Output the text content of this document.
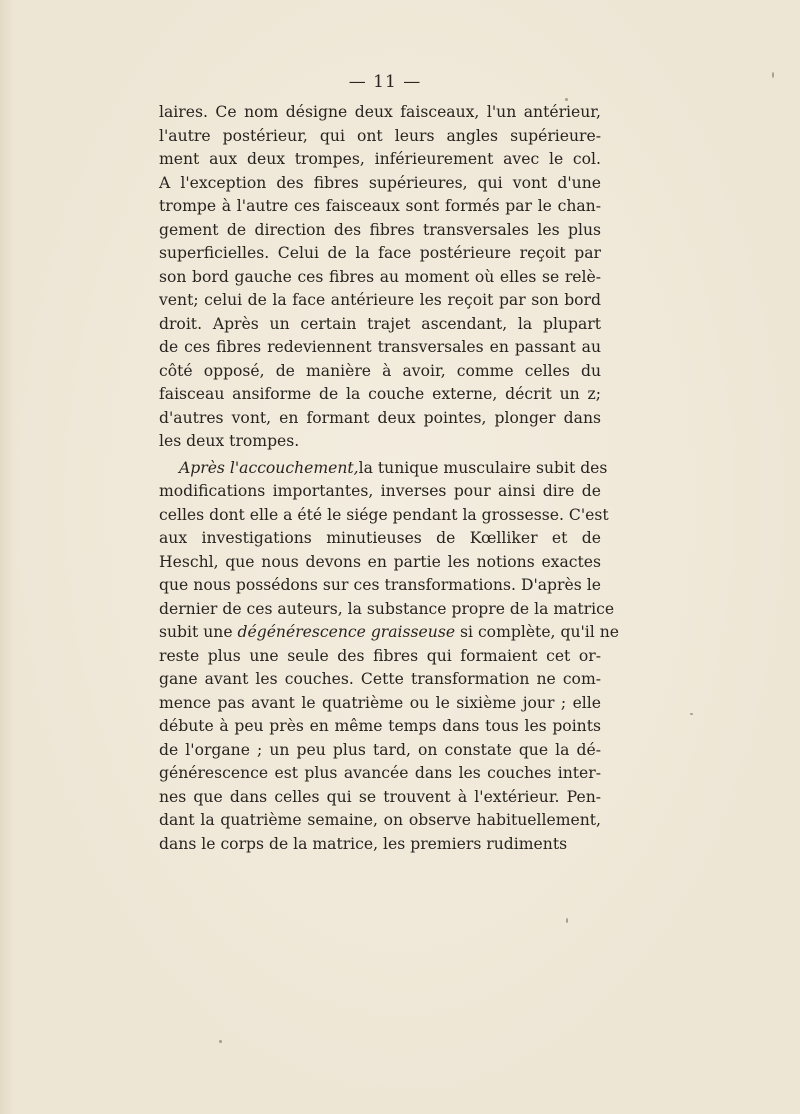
— 11 —
laires. Ce nom désigne deux faisceaux, l'un antérieur,
l'autre postérieur, qui ont leurs angles supérieure-
ment aux deux trompes, inférieurement avec le col.
A l'exception des fibres supérieures, qui vont d'une
trompe à l'autre ces faisceaux sont formés par le chan-
gement de direction des fibres transversales les plus
superficielles. Celui de la face postérieure reçoit par
son bord gauche ces fibres au moment où elles se relè-
vent; celui de la face antérieure les reçoit par son bord
droit. Après un certain trajet ascendant, la plupart
de ces fibres redeviennent transversales en passant au
côté opposé, de manière à avoir, comme celles du
faisceau ansiforme de la couche externe, décrit un z;
d'autres vont, en formant deux pointes, plonger dans
les deux trompes.
Après l'accouchement,la tunique musculaire subit des
modifications importantes, inverses pour ainsi dire de
celles dont elle a été le siége pendant la grossesse. C'est
aux investigations minutieuses de Kœlliker et de
Heschl, que nous devons en partie les notions exactes
que nous possédons sur ces transformations. D'après le
dernier de ces auteurs, la substance propre de la matrice
subit une dégénérescence graisseuse si complète, qu'il ne
reste plus une seule des fibres qui formaient cet or-
gane avant les couches. Cette transformation ne com-
mence pas avant le quatrième ou le sixième jour ; elle
débute à peu près en même temps dans tous les points
de l'organe ; un peu plus tard, on constate que la dé-
générescence est plus avancée dans les couches inter-
nes que dans celles qui se trouvent à l'extérieur. Pen-
dant la quatrième semaine, on observe habituellement,
dans le corps de la matrice, les premiers rudiments
